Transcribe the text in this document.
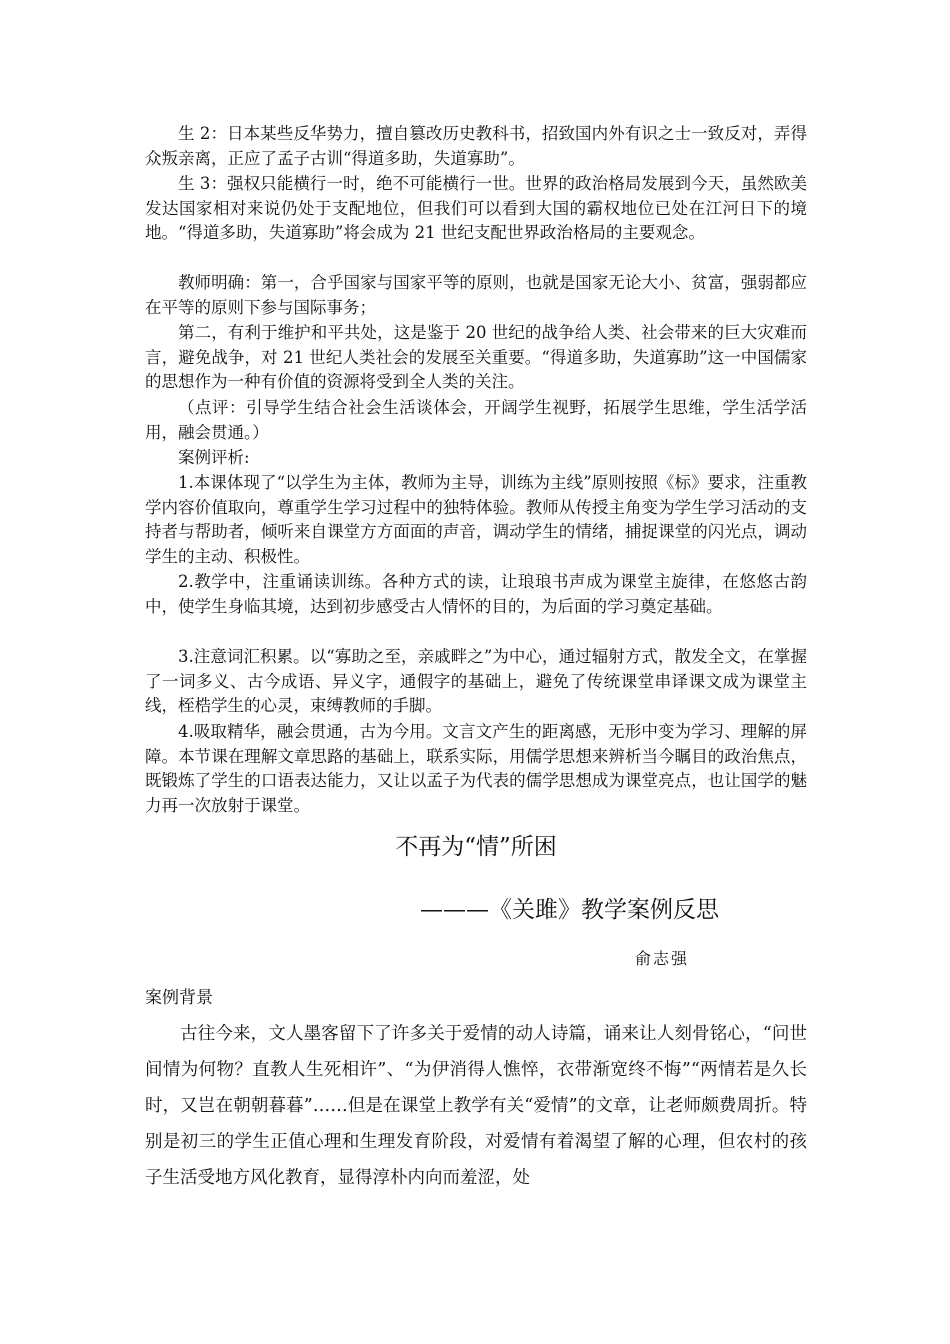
生 2：日本某些反华势力，擅自篡改历史教科书，招致国内外有识之士一致反对，弄得众叛亲离，正应了孟子古训“得道多助，失道寡助”。

生 3：强权只能横行一时，绝不可能横行一世。世界的政治格局发展到今天，虽然欧美发达国家相对来说仍处于支配地位，但我们可以看到大国的霸权地位已处在江河日下的境地。“得道多助，失道寡助”将会成为 21 世纪支配世界政治格局的主要观念。

教师明确：第一，合乎国家与国家平等的原则，也就是国家无论大小、贫富，强弱都应在平等的原则下参与国际事务；

第二，有利于维护和平共处，这是鉴于 20 世纪的战争给人类、社会带来的巨大灾难而言，避免战争，对 21 世纪人类社会的发展至关重要。“得道多助，失道寡助”这一中国儒家的思想作为一种有价值的资源将受到全人类的关注。

（点评：引导学生结合社会生活谈体会，开阔学生视野，拓展学生思维，学生活学活用，融会贯通。）

案例评析:

1.本课体现了“以学生为主体，教师为主导，训练为主线”原则按照《标》要求，注重教学内容价值取向，尊重学生学习过程中的独特体验。教师从传授主角变为学生学习活动的支持者与帮助者，倾听来自课堂方方面面的声音，调动学生的情绪，捕捉课堂的闪光点，调动学生的主动、积极性。

2.教学中，注重诵读训练。各种方式的读，让琅琅书声成为课堂主旋律，在悠悠古韵中，使学生身临其境，达到初步感受古人情怀的目的，为后面的学习奠定基础。

3.注意词汇积累。以“寡助之至，亲戚畔之”为中心，通过辐射方式，散发全文，在掌握了一词多义、古今成语、异义字，通假字的基础上，避免了传统课堂串译课文成为课堂主线，桎梏学生的心灵，束缚教师的手脚。

4.吸取精华，融会贯通，古为今用。文言文产生的距离感，无形中变为学习、理解的屏障。本节课在理解文章思路的基础上，联系实际，用儒学思想来辨析当今瞩目的政治焦点，既锻炼了学生的口语表达能力，又让以孟子为代表的儒学思想成为课堂亮点，也让国学的魅力再一次放射于课堂。

不再为“情”所困
———《关雎》教学案例反思
俞志强
案例背景

古往今来，文人墨客留下了许多关于爱情的动人诗篇，诵来让人刻骨铭心，“问世间情为何物？直教人生死相许”、“为伊消得人憔悴，衣带渐宽终不悔”“两情若是久长时，又岂在朝朝暮暮”……但是在课堂上教学有关“爱情”的文章，让老师颇费周折。特别是初三的学生正值心理和生理发育阶段，对爱情有着渴望了解的心理，但农村的孩子生活受地方风化教育，显得淳朴内向而羞涩，处
